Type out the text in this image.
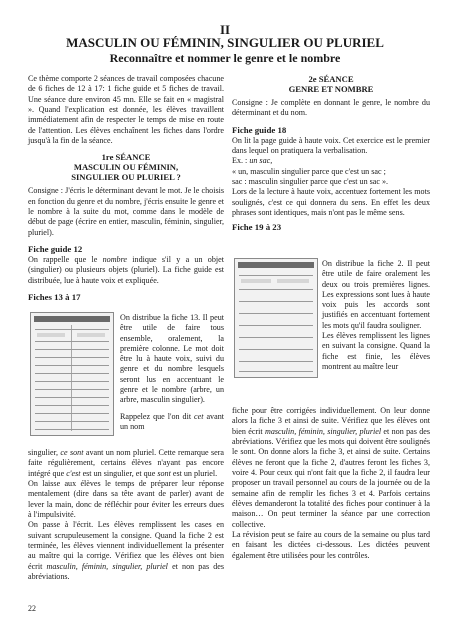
II
MASCULIN OU FÉMININ, SINGULIER OU PLURIEL
Reconnaître et nommer le genre et le nombre

Ce thème comporte 2 séances de travail composées chacune de 6 fiches de 12 à 17: 1 fiche guide et 5 fiches de travail. Une séance dure environ 45 mn. Elle se fait en « magistral ». Quand l'explication est donnée, les élèves travaillent immédiatement afin de respecter le temps de mise en route de l'attention. Les élèves enchaînent les fiches dans l'ordre jusqu'à la fin de la séance.

1re SÉANCE

MASCULIN OU FÉMININ,

SINGULIER OU PLURIEL ?

Consigne : J'écris le déterminant devant le mot. Je le choisis en fonction du genre et du nombre, j'écris ensuite le genre et le nombre à la suite du mot, comme dans le modèle de début de page (écrire en entier, masculin, féminin, singulier, pluriel).

Fiche guide 12

On rappelle que le nombre indique s'il y a un objet (singulier) ou plusieurs objets (pluriel). La fiche guide est distribuée, lue à haute voix et expliquée.

Fiches 13 à 17

On distribue la fiche 13. Il peut être utile de faire tous ensemble, oralement, la première colonne. Le mot doit être lu à haute voix, suivi du genre et du nombre lesquels seront lus en accentuant le genre et le nombre (arbre, un arbre, masculin singulier).

Rappelez que l'on dit cet avant un nom

singulier, ce sont avant un nom pluriel. Cette remarque sera faite régulièrement, certains élèves n'ayant pas encore intégré que c'est est un singulier, et que sont est un pluriel.

On laisse aux élèves le temps de préparer leur réponse mentalement (dire dans sa tête avant de parler) avant de lever la main, donc de réfléchir pour éviter les erreurs dues à l'impulsivité.

On passe à l'écrit. Les élèves remplissent les cases en suivant scrupuleusement la consigne. Quand la fiche 2 est terminée, les élèves viennent individuellement la présenter au maître qui la corrige. Vérifiez que les élèves ont bien écrit masculin, féminin, singulier, pluriel et non pas des abréviations.

2e SÉANCE

GENRE ET NOMBRE

Consigne : Je complète en donnant le genre, le nombre du déterminant et du nom.

Fiche guide 18

On lit la page guide à haute voix. Cet exercice est le premier dans lequel on pratiquera la verbalisation.

Ex. : un sac,

« un, masculin singulier parce que c'est un sac ;

sac : masculin singulier parce que c'est un sac ».

Lors de la lecture à haute voix, accentuez fortement les mots soulignés, c'est ce qui donnera du sens. En effet les deux phrases sont identiques, mais n'ont pas le même sens.

Fiche 19 à 23

On distribue la fiche 2. Il peut être utile de faire oralement les deux ou trois premières lignes. Les expressions sont lues à haute voix puis les accords sont justifiés en accentuant fortement les mots qu'il faudra souligner.

Les élèves remplissent les lignes en suivant la consigne. Quand la fiche est finie, les élèves montrent au maître leur

fiche pour être corrigées individuellement. On leur donne alors la fiche 3 et ainsi de suite. Vérifiez que les élèves ont bien écrit masculin, féminin, singulier, pluriel et non pas des abréviations. Vérifiez que les mots qui doivent être soulignés le sont. On donne alors la fiche 3, et ainsi de suite. Certains élèves ne feront que la fiche 2, d'autres feront les fiches 3, voire 4. Pour ceux qui n'ont fait que la fiche 2, il faudra leur proposer un travail personnel au cours de la journée ou de la semaine afin de remplir les fiches 3 et 4. Parfois certains élèves demanderont la totalité des fiches pour continuer à la maison… On peut terminer la séance par une correction collective.

La révision peut se faire au cours de la semaine ou plus tard en faisant les dictées ci-dessous. Les dictées peuvent également être utilisées pour les contrôles.

22
